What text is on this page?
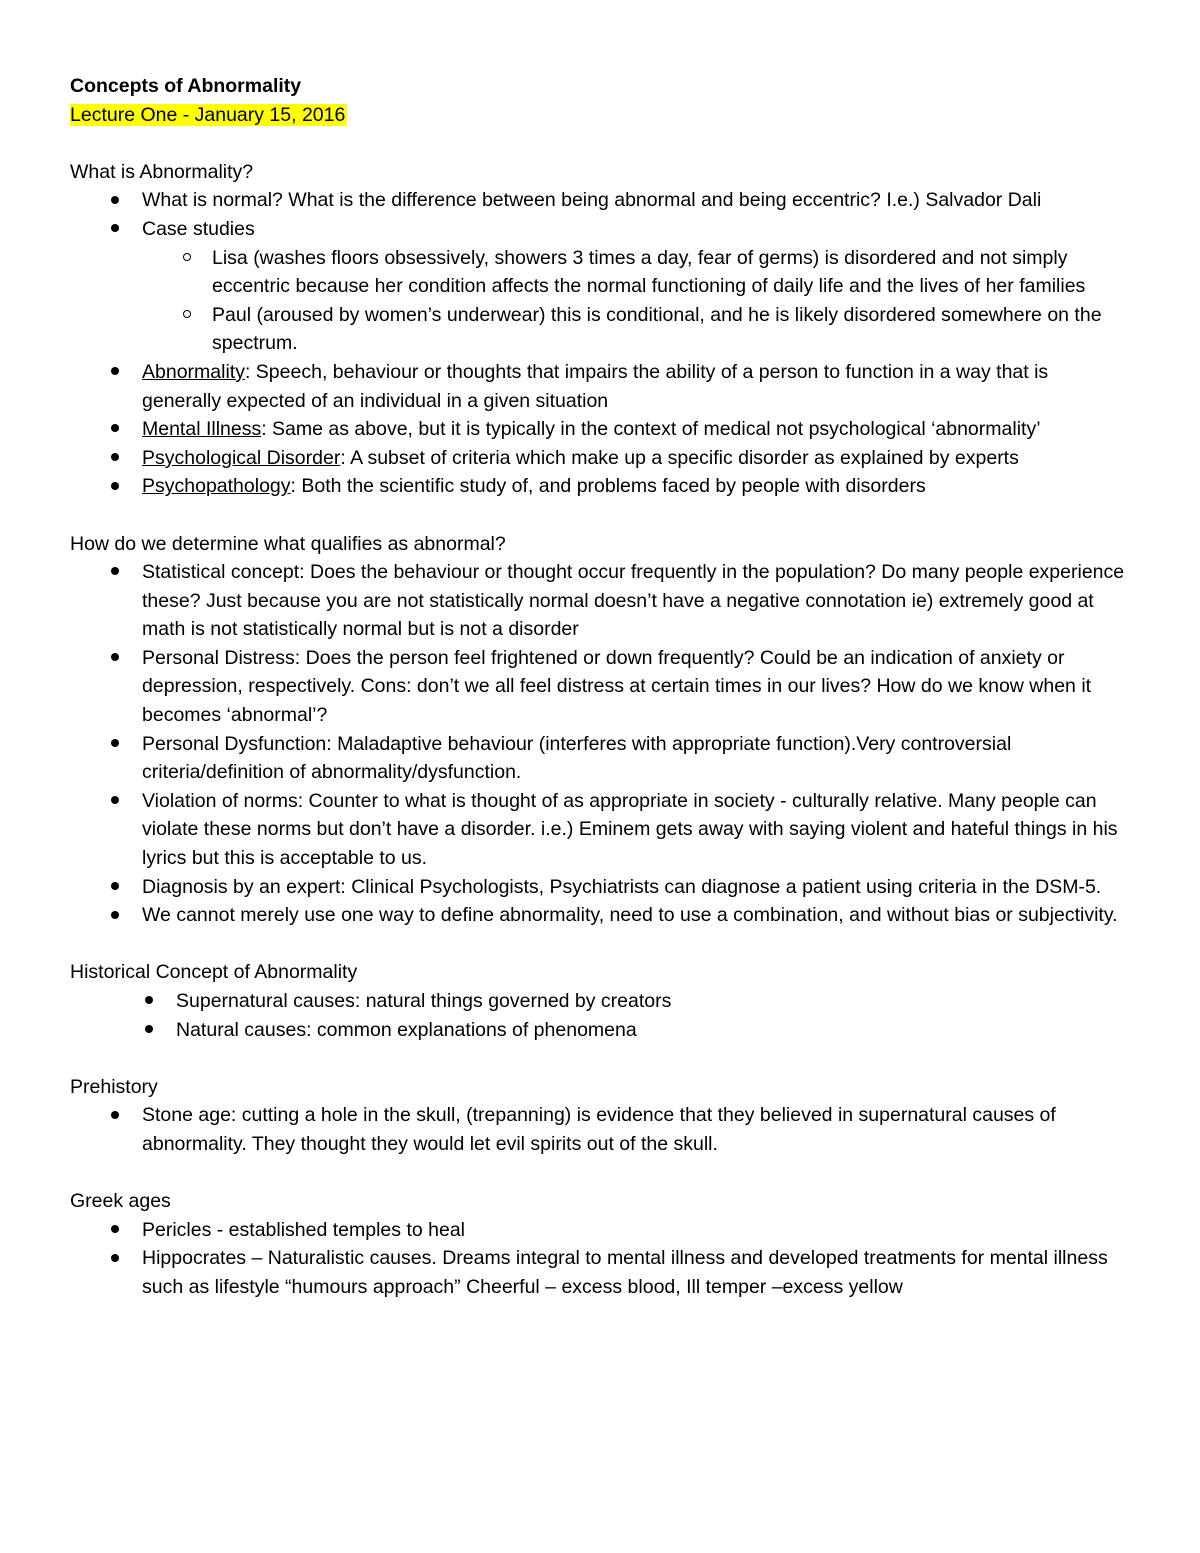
Concepts of Abnormality

Lecture One - January 15, 2016

What is Abnormality?

What is normal? What is the difference between being abnormal and being eccentric? I.e.) Salvador Dali
Case studies
Lisa (washes floors obsessively, showers 3 times a day, fear of germs) is disordered and not simply eccentric because her condition affects the normal functioning of daily life and the lives of her families
Paul (aroused by women’s underwear) this is conditional, and he is likely disordered somewhere on the spectrum.
Abnormality: Speech, behaviour or thoughts that impairs the ability of a person to function in a way that is generally expected of an individual in a given situation
Mental Illness: Same as above, but it is typically in the context of medical not psychological ‘abnormality’
Psychological Disorder: A subset of criteria which make up a specific disorder as explained by experts
Psychopathology: Both the scientific study of, and problems faced by people with disorders

How do we determine what qualifies as abnormal?

Statistical concept: Does the behaviour or thought occur frequently in the population? Do many people experience these? Just because you are not statistically normal doesn’t have a negative connotation ie) extremely good at math is not statistically normal but is not a disorder
Personal Distress: Does the person feel frightened or down frequently? Could be an indication of anxiety or depression, respectively. Cons: don’t we all feel distress at certain times in our lives? How do we know when it becomes ‘abnormal’?
Personal Dysfunction: Maladaptive behaviour (interferes with appropriate function).Very controversial criteria/definition of abnormality/dysfunction.
Violation of norms: Counter to what is thought of as appropriate in society - culturally relative. Many people can violate these norms but don’t have a disorder. i.e.) Eminem gets away with saying violent and hateful things in his lyrics but this is acceptable to us.
Diagnosis by an expert: Clinical Psychologists, Psychiatrists can diagnose a patient using criteria in the DSM-5.
We cannot merely use one way to define abnormality, need to use a combination, and without bias or subjectivity.

Historical Concept of Abnormality

Supernatural causes: natural things governed by creators
Natural causes: common explanations of phenomena

Prehistory

Stone age: cutting a hole in the skull, (trepanning) is evidence that they believed in supernatural causes of abnormality. They thought they would let evil spirits out of the skull.

Greek ages

Pericles - established temples to heal
Hippocrates – Naturalistic causes. Dreams integral to mental illness and developed treatments for mental illness such as lifestyle “humours approach” Cheerful – excess blood, Ill temper –excess yellow
